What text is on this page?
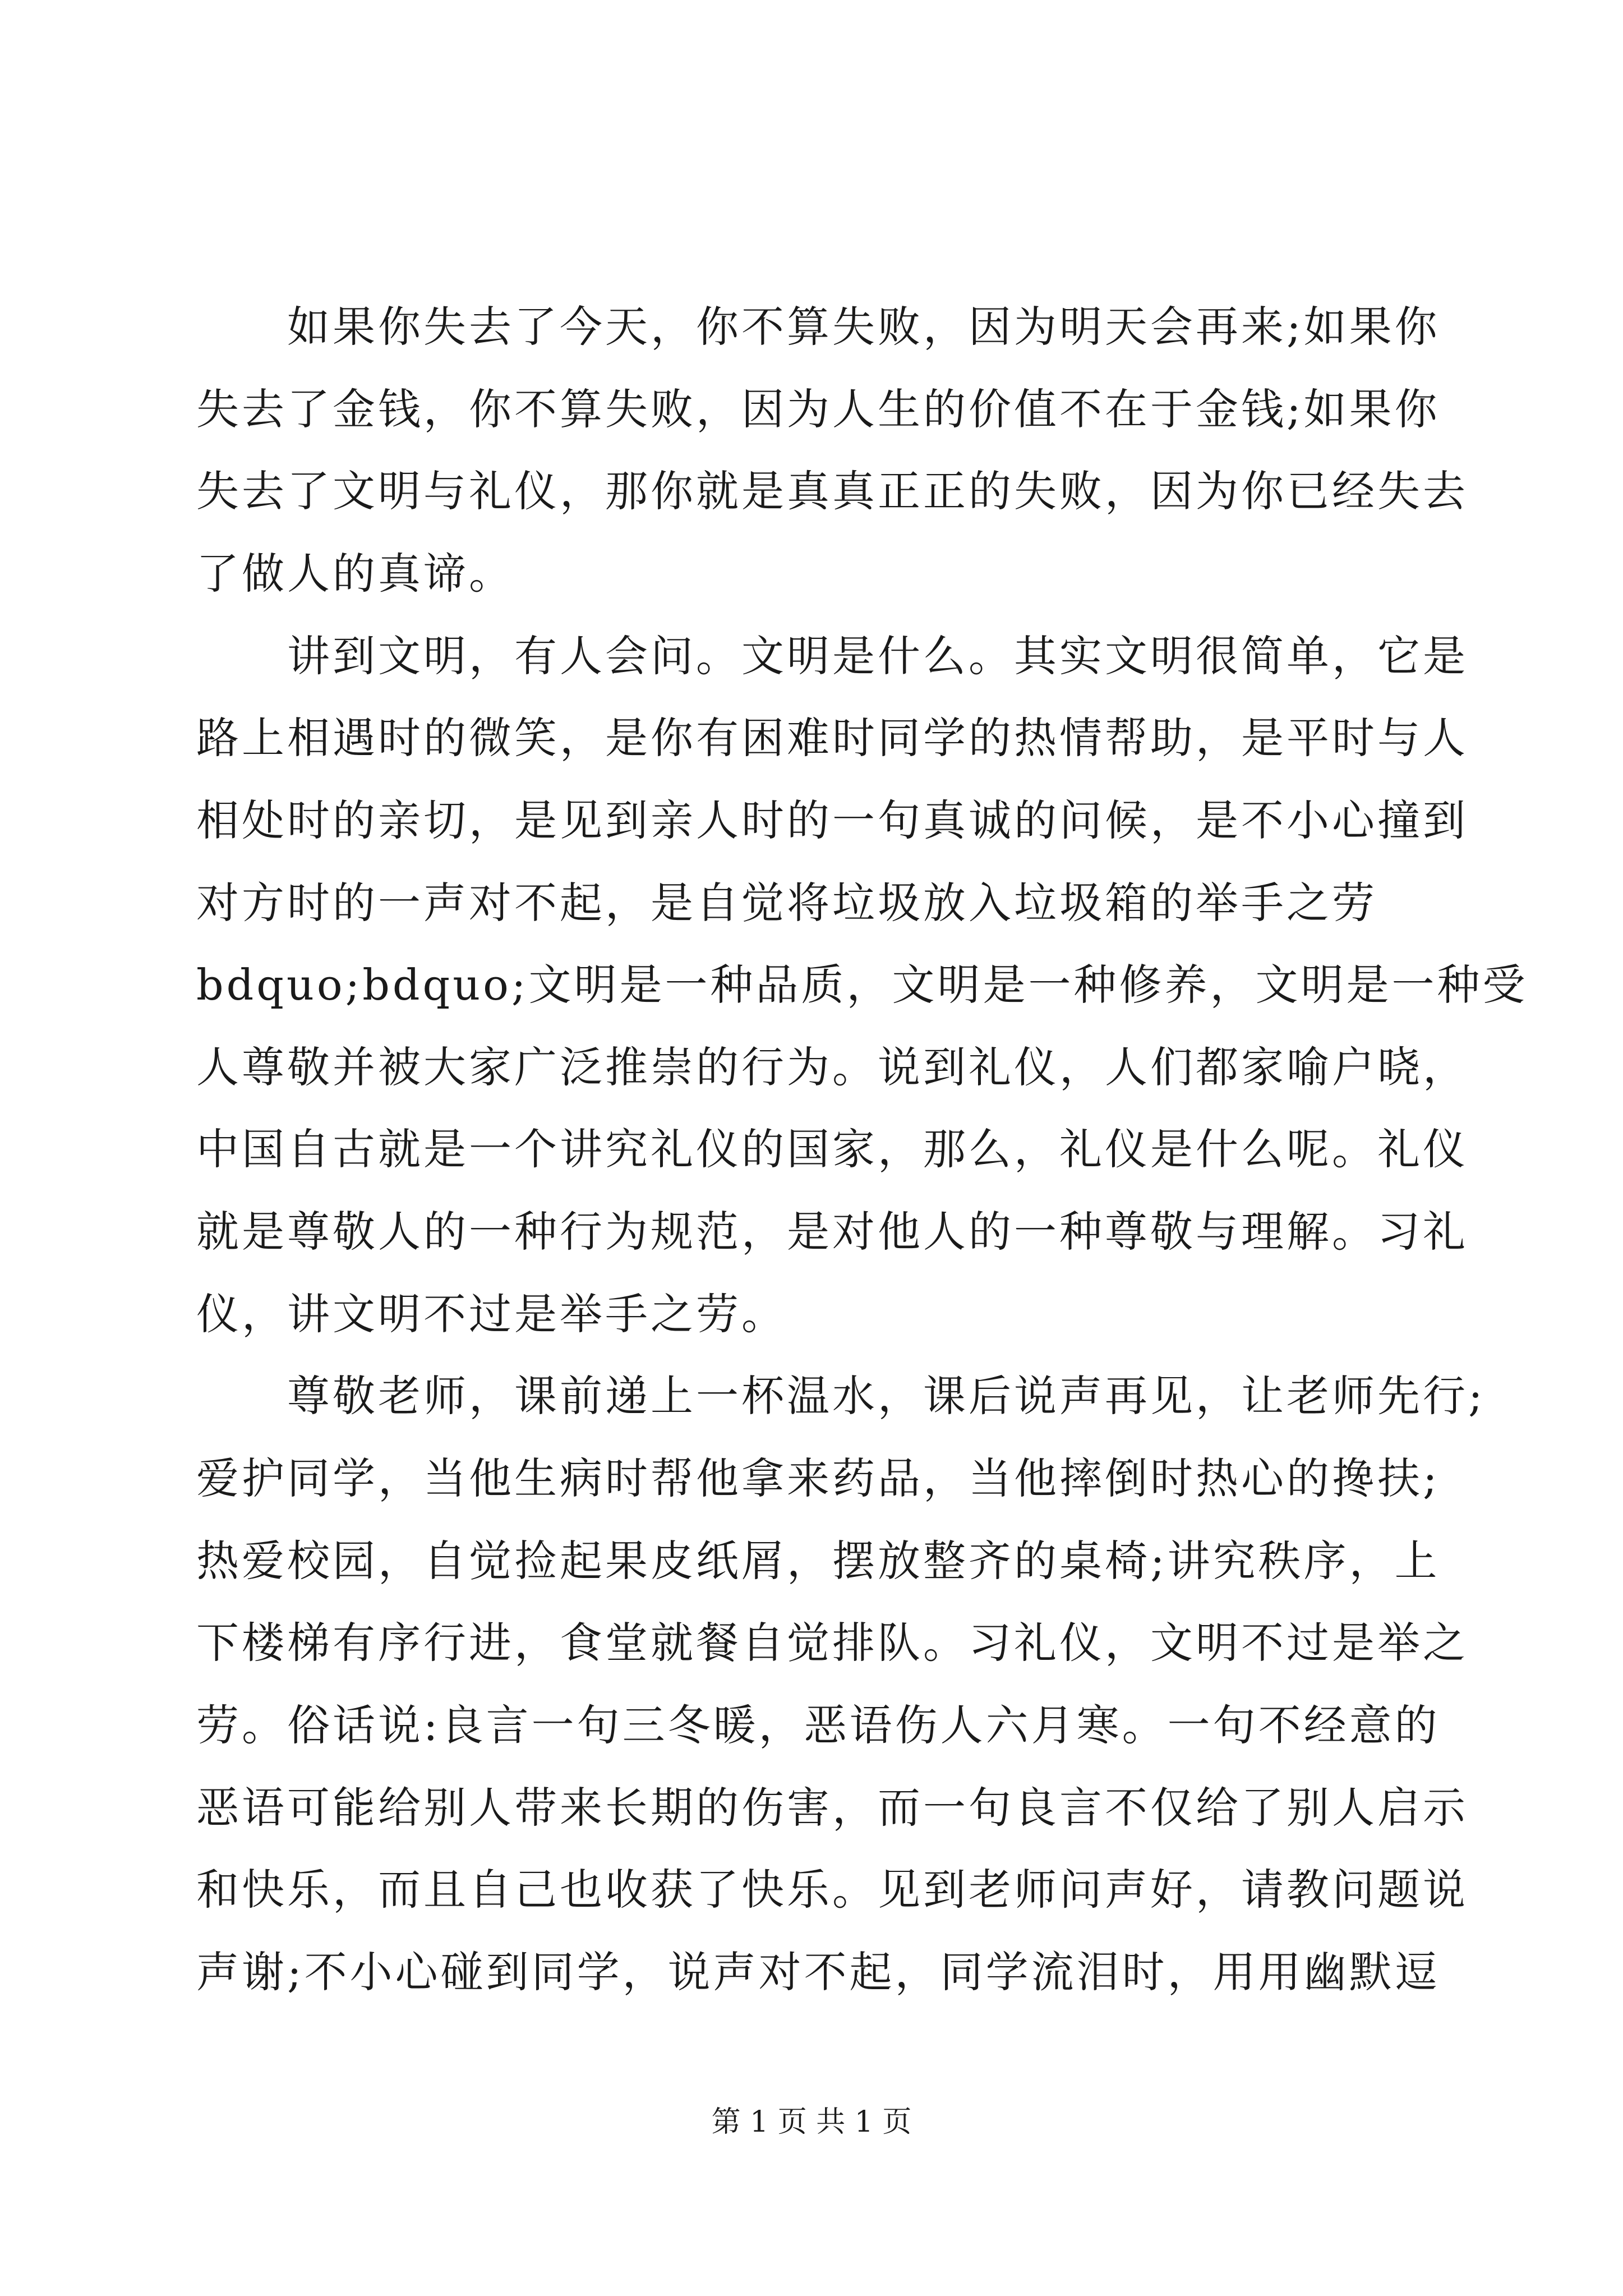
　　如果你失去了今天，你不算失败，因为明天会再来;如果你
失去了金钱，你不算失败，因为人生的价值不在于金钱;如果你
失去了文明与礼仪，那你就是真真正正的失败，因为你已经失去
了做人的真谛。
　　讲到文明，有人会问。文明是什么。其实文明很简单，它是
路上相遇时的微笑，是你有困难时同学的热情帮助，是平时与人
相处时的亲切，是见到亲人时的一句真诚的问候，是不小心撞到
对方时的一声对不起，是自觉将垃圾放入垃圾箱的举手之劳
bdquo;bdquo;文明是一种品质，文明是一种修养，文明是一种受
人尊敬并被大家广泛推崇的行为。说到礼仪，人们都家喻户晓，
中国自古就是一个讲究礼仪的国家，那么，礼仪是什么呢。礼仪
就是尊敬人的一种行为规范，是对他人的一种尊敬与理解。习礼
仪，讲文明不过是举手之劳。
　　尊敬老师，课前递上一杯温水，课后说声再见，让老师先行;
爱护同学，当他生病时帮他拿来药品，当他摔倒时热心的搀扶;
热爱校园，自觉捡起果皮纸屑，摆放整齐的桌椅;讲究秩序，上
下楼梯有序行进，食堂就餐自觉排队。习礼仪，文明不过是举之
劳。俗话说:良言一句三冬暖，恶语伤人六月寒。一句不经意的
恶语可能给别人带来长期的伤害，而一句良言不仅给了别人启示
和快乐，而且自己也收获了快乐。见到老师问声好，请教问题说
声谢;不小心碰到同学，说声对不起，同学流泪时，用用幽默逗
第 1 页 共 1 页
